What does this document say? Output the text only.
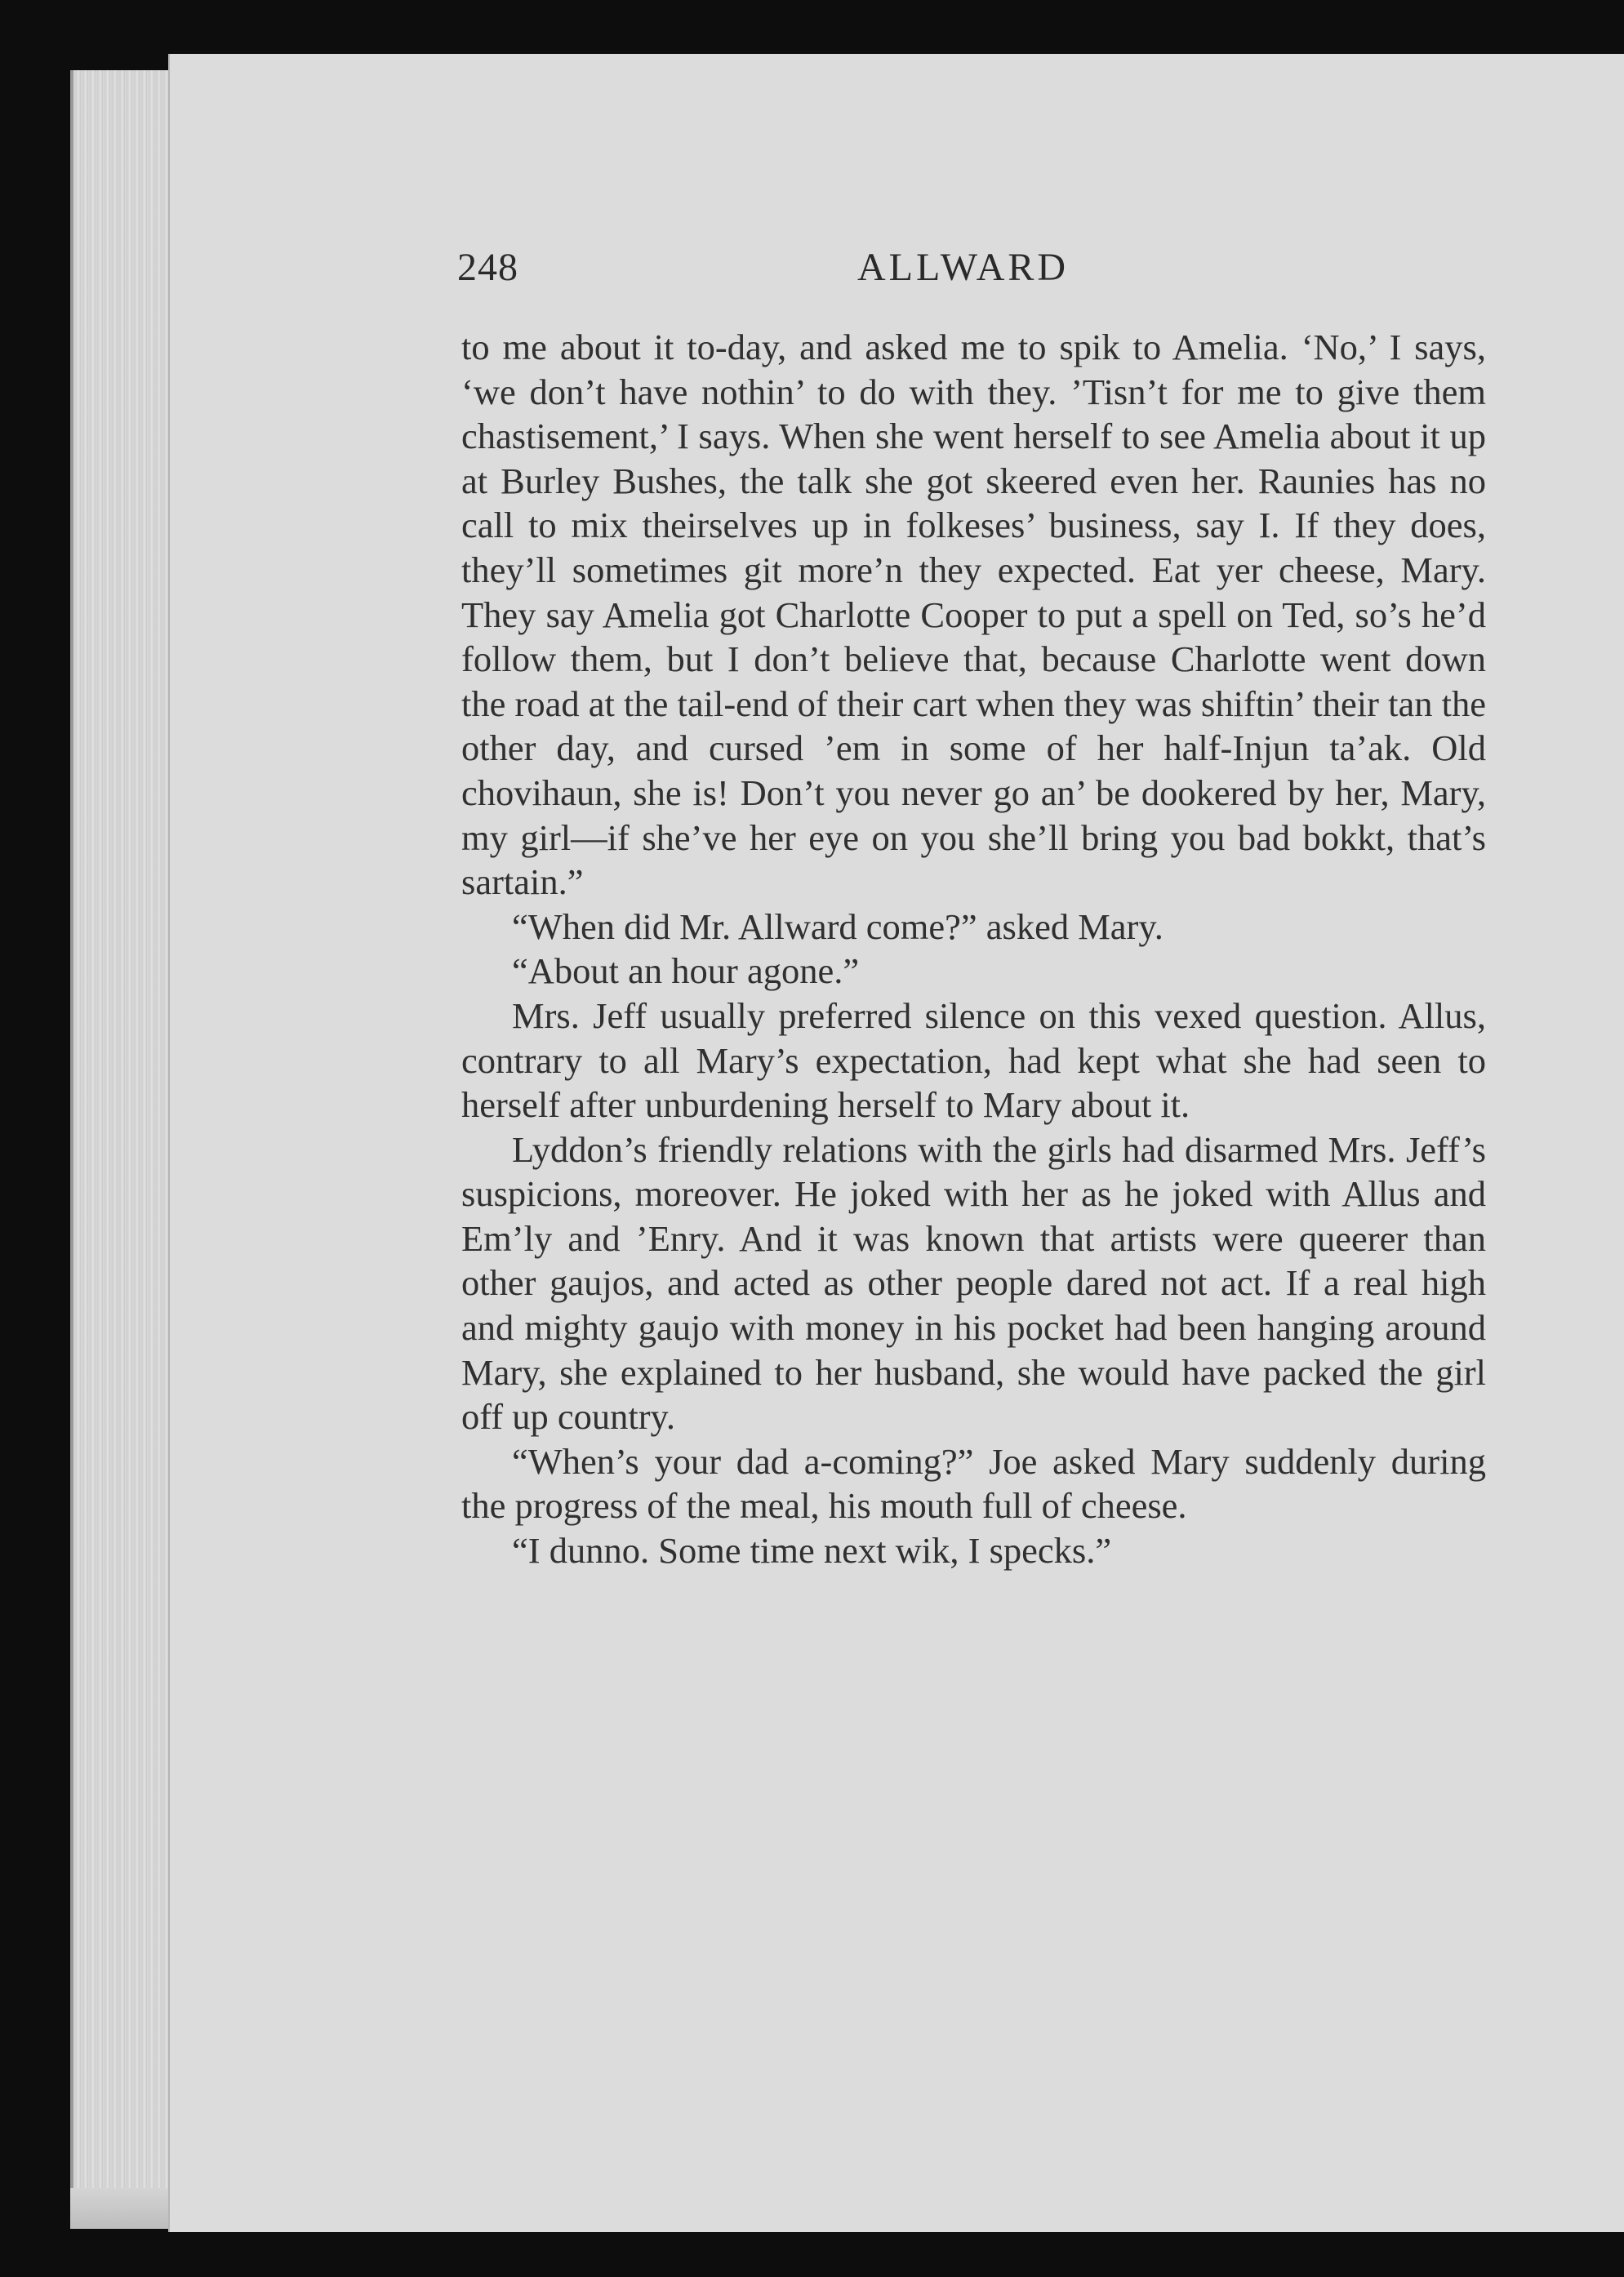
248	ALLWARD

to me about it to-day, and asked me to spik to Amelia. ‘No,’ I says, ‘we don’t have nothin’ to do with they. ’Tisn’t for me to give them chastisement,’ I says. When she went herself to see Amelia about it up at Burley Bushes, the talk she got skeered even her. Raunies has no call to mix theirselves up in folkeses’ business, say I. If they does, they’ll sometimes git more’n they expected. Eat yer cheese, Mary. They say Amelia got Charlotte Cooper to put a spell on Ted, so’s he’d follow them, but I don’t believe that, because Charlotte went down the road at the tail-end of their cart when they was shiftin’ their tan the other day, and cursed ’em in some of her half-Injun ta’ak. Old chovihaun, she is! Don’t you never go an’ be dookered by her, Mary, my girl—if she’ve her eye on you she’ll bring you bad bokkt, that’s sartain.”

“When did Mr. Allward come?” asked Mary.

“About an hour agone.”

Mrs. Jeff usually preferred silence on this vexed question. Allus, contrary to all Mary’s expectation, had kept what she had seen to herself after unburdening herself to Mary about it.

Lyddon’s friendly relations with the girls had disarmed Mrs. Jeff’s suspicions, moreover. He joked with her as he joked with Allus and Em’ly and ’Enry. And it was known that artists were queerer than other gaujos, and acted as other people dared not act. If a real high and mighty gaujo with money in his pocket had been hanging around Mary, she explained to her husband, she would have packed the girl off up country.

“When’s your dad a-coming?” Joe asked Mary suddenly during the progress of the meal, his mouth full of cheese.

“I dunno. Some time next wik, I specks.”
